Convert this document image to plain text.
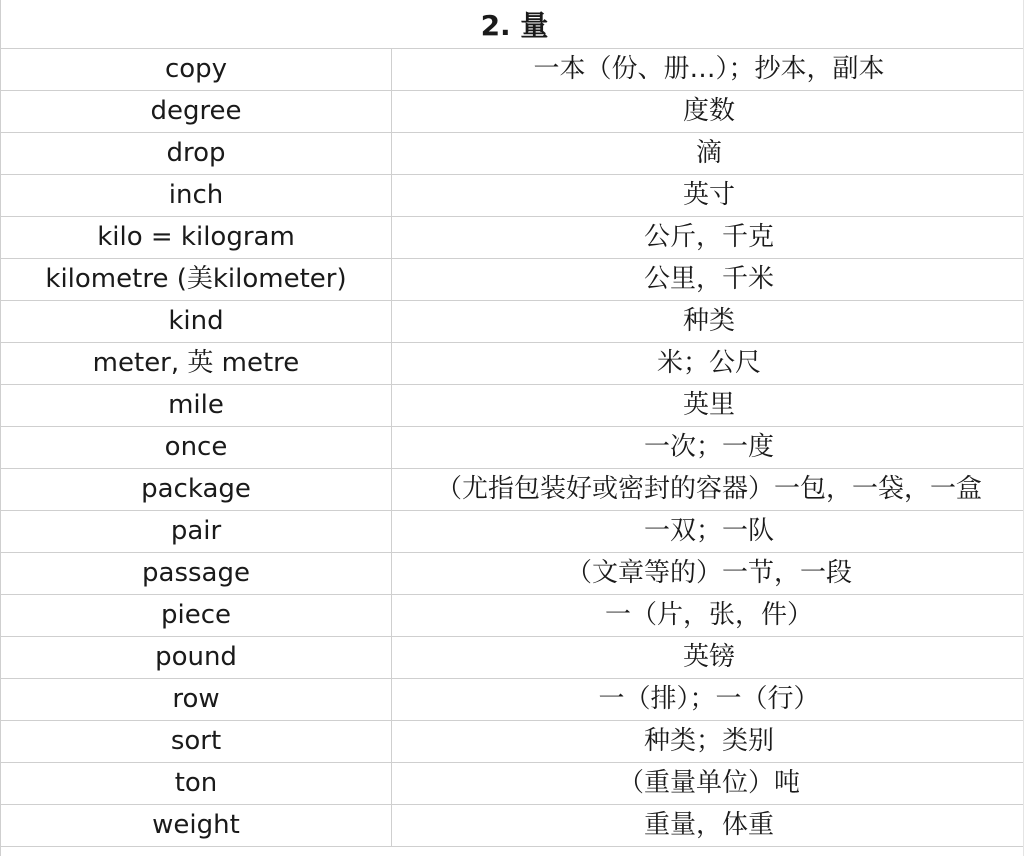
2. 量
copy	一本（份、册…）；抄本，副本
degree	度数
drop	滴
inch	英寸
kilo = kilogram	公斤，千克
kilometre (美kilometer)	公里，千米
kind	种类
meter, 英 metre	米；公尺
mile	英里
once	一次；一度
package	（尤指包装好或密封的容器）一包，一袋，一盒
pair	一双；一队
passage	（文章等的）一节，一段
piece	一（片，张，件）
pound	英镑
row	一（排）；一（行）
sort	种类；类别
ton	（重量单位）吨
weight	重量，体重
